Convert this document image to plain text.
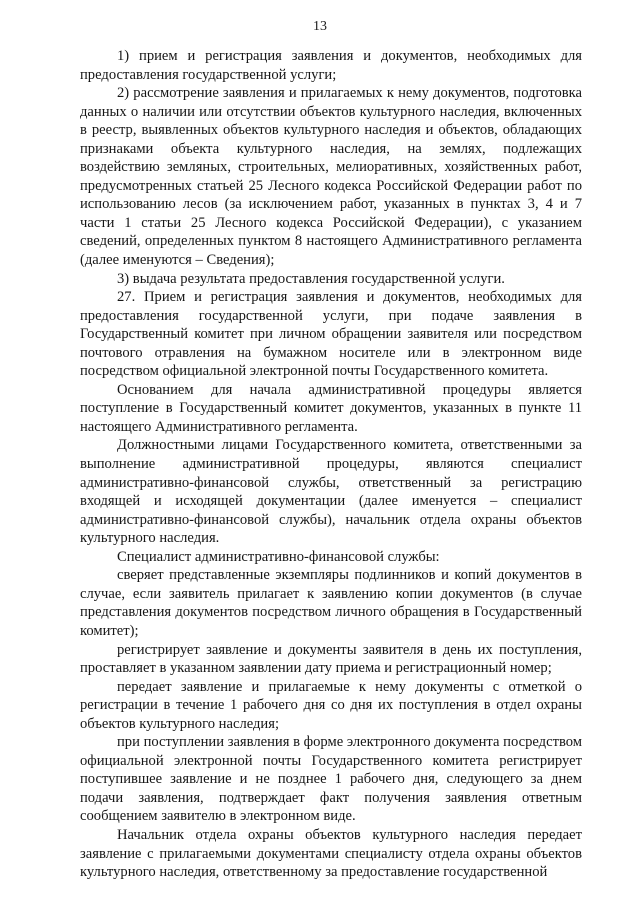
13

1) прием и регистрация заявления и документов, необходимых для предоставления государственной услуги;

2) рассмотрение заявления и прилагаемых к нему документов, подготовка данных о наличии или отсутствии объектов культурного наследия, включенных в реестр, выявленных объектов культурного наследия и объектов, обладающих признаками объекта культурного наследия, на землях, подлежащих воздействию земляных, строительных, мелиоративных, хозяйственных работ, предусмотренных статьей 25 Лесного кодекса Российской Федерации работ по использованию лесов (за исключением работ, указанных в пунктах 3, 4 и 7 части 1 статьи 25 Лесного кодекса Российской Федерации), с указанием сведений, определенных пунктом 8 настоящего Административного регламента (далее именуются – Сведения);

3) выдача результата предоставления государственной услуги.

27. Прием и регистрация заявления и документов, необходимых для предоставления государственной услуги, при подаче заявления в Государственный комитет при личном обращении заявителя или посредством почтового отравления на бумажном носителе или в электронном виде посредством официальной электронной почты Государственного комитета.

Основанием для начала административной процедуры является поступление в Государственный комитет документов, указанных в пункте 11 настоящего Административного регламента.

Должностными лицами Государственного комитета, ответственными за выполнение административной процедуры, являются специалист административно-финансовой службы, ответственный за регистрацию входящей и исходящей документации (далее именуется – специалист административно-финансовой службы), начальник отдела охраны объектов культурного наследия.

Специалист административно-финансовой службы:

сверяет представленные экземпляры подлинников и копий документов в случае, если заявитель прилагает к заявлению копии документов (в случае представления документов посредством личного обращения в Государственный комитет);

регистрирует заявление и документы заявителя в день их поступления, проставляет в указанном заявлении дату приема и регистрационный номер;

передает заявление и прилагаемые к нему документы с отметкой о регистрации в течение 1 рабочего дня со дня их поступления в отдел охраны объектов культурного наследия;

при поступлении заявления в форме электронного документа посредством официальной электронной почты Государственного комитета регистрирует поступившее заявление и не позднее 1 рабочего дня, следующего за днем подачи заявления, подтверждает факт получения заявления ответным сообщением заявителю в электронном виде.

Начальник отдела охраны объектов культурного наследия передает заявление с прилагаемыми документами специалисту отдела охраны объектов культурного наследия, ответственному за предоставление государственной
